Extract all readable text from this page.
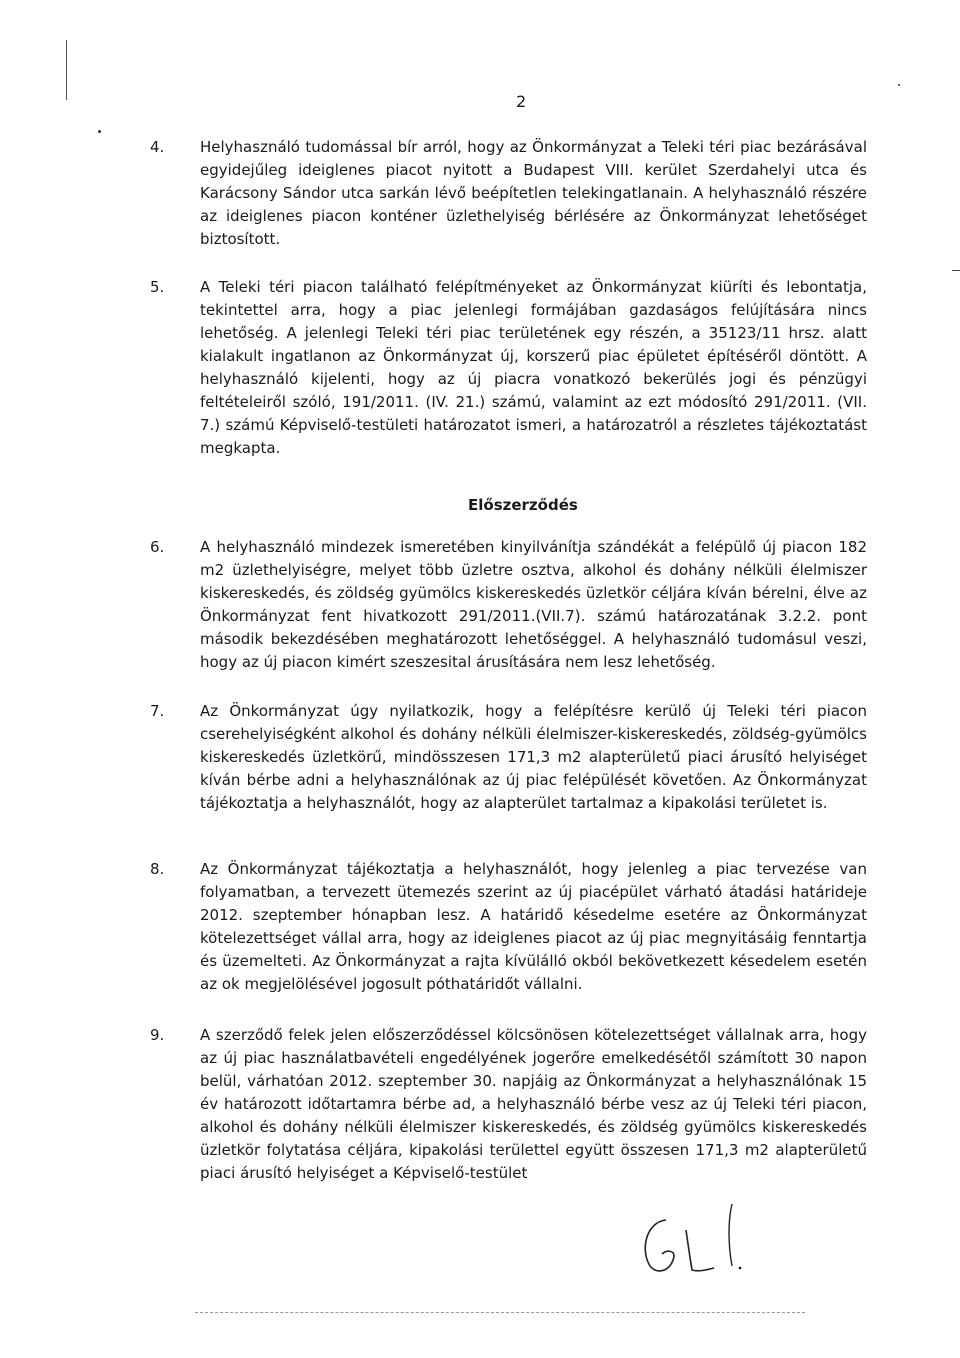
2
4.	Helyhasználó tudomással bír arról, hogy az Önkormányzat a Teleki téri piac bezárásával egyidejűleg ideiglenes piacot nyitott a Budapest VIII. kerület Szerdahelyi utca és Karácsony Sándor utca sarkán lévő beépítetlen telekingatlanain. A helyhasználó részére az ideiglenes piacon konténer üzlethelyiség bérlésére az Önkormányzat lehetőséget biztosított.
5.	A Teleki téri piacon található felépítményeket az Önkormányzat kiüríti és lebontatja, tekintettel arra, hogy a piac jelenlegi formájában gazdaságos felújítására nincs lehetőség. A jelenlegi Teleki téri piac területének egy részén, a 35123/11 hrsz. alatt kialakult ingatlanon az Önkormányzat új, korszerű piac épületet építéséről döntött. A helyhasználó kijelenti, hogy az új piacra vonatkozó bekerülés jogi és pénzügyi feltételeiről szóló, 191/2011. (IV. 21.) számú, valamint az ezt módosító 291/2011. (VII. 7.) számú Képviselő-testületi határozatot ismeri, a határozatról a részletes tájékoztatást megkapta.
Előszerződés
6.	A helyhasználó mindezek ismeretében kinyilvánítja szándékát a felépülő új piacon 182 m2 üzlethelyiségre, melyet több üzletre osztva, alkohol és dohány nélküli élelmiszer kiskereskedés, és zöldség gyümölcs kiskereskedés üzletkör céljára kíván bérelni, élve az Önkormányzat fent hivatkozott 291/2011.(VII.7). számú határozatának 3.2.2. pont második bekezdésében meghatározott lehetőséggel. A helyhasználó tudomásul veszi, hogy az új piacon kimért szeszesital árusítására nem lesz lehetőség.
7.	Az Önkormányzat úgy nyilatkozik, hogy a felépítésre kerülő új Teleki téri piacon cserehelyiségként alkohol és dohány nélküli élelmiszer-kiskereskedés, zöldség-gyümölcs kiskereskedés üzletkörű, mindösszesen 171,3 m2 alapterületű piaci árusító helyiséget kíván bérbe adni a helyhasználónak az új piac felépülését követően. Az Önkormányzat tájékoztatja a helyhasználót, hogy az alapterület tartalmaz a kipakolási területet is.
8.	Az Önkormányzat tájékoztatja a helyhasználót, hogy jelenleg a piac tervezése van folyamatban, a tervezett ütemezés szerint az új piacépület várható átadási határideje 2012. szeptember hónapban lesz. A határidő késedelme esetére az Önkormányzat kötelezettséget vállal arra, hogy az ideiglenes piacot az új piac megnyitásáig fenntartja és üzemelteti. Az Önkormányzat a rajta kívülálló okból bekövetkezett késedelem esetén az ok megjelölésével jogosult póthatáridőt vállalni.
9.	A szerződő felek jelen előszerződéssel kölcsönösen kötelezettséget vállalnak arra, hogy az új piac használatbavételi engedélyének jogerőre emelkedésétől számított 30 napon belül, várhatóan 2012. szeptember 30. napjáig az Önkormányzat a helyhasználónak 15 év határozott időtartamra bérbe ad, a helyhasználó bérbe vesz az új Teleki téri piacon, alkohol és dohány nélküli élelmiszer kiskereskedés, és zöldség gyümölcs kiskereskedés üzletkör folytatása céljára, kipakolási területtel együtt összesen 171,3 m2 alapterületű piaci árusító helyiséget a Képviselő-testület
